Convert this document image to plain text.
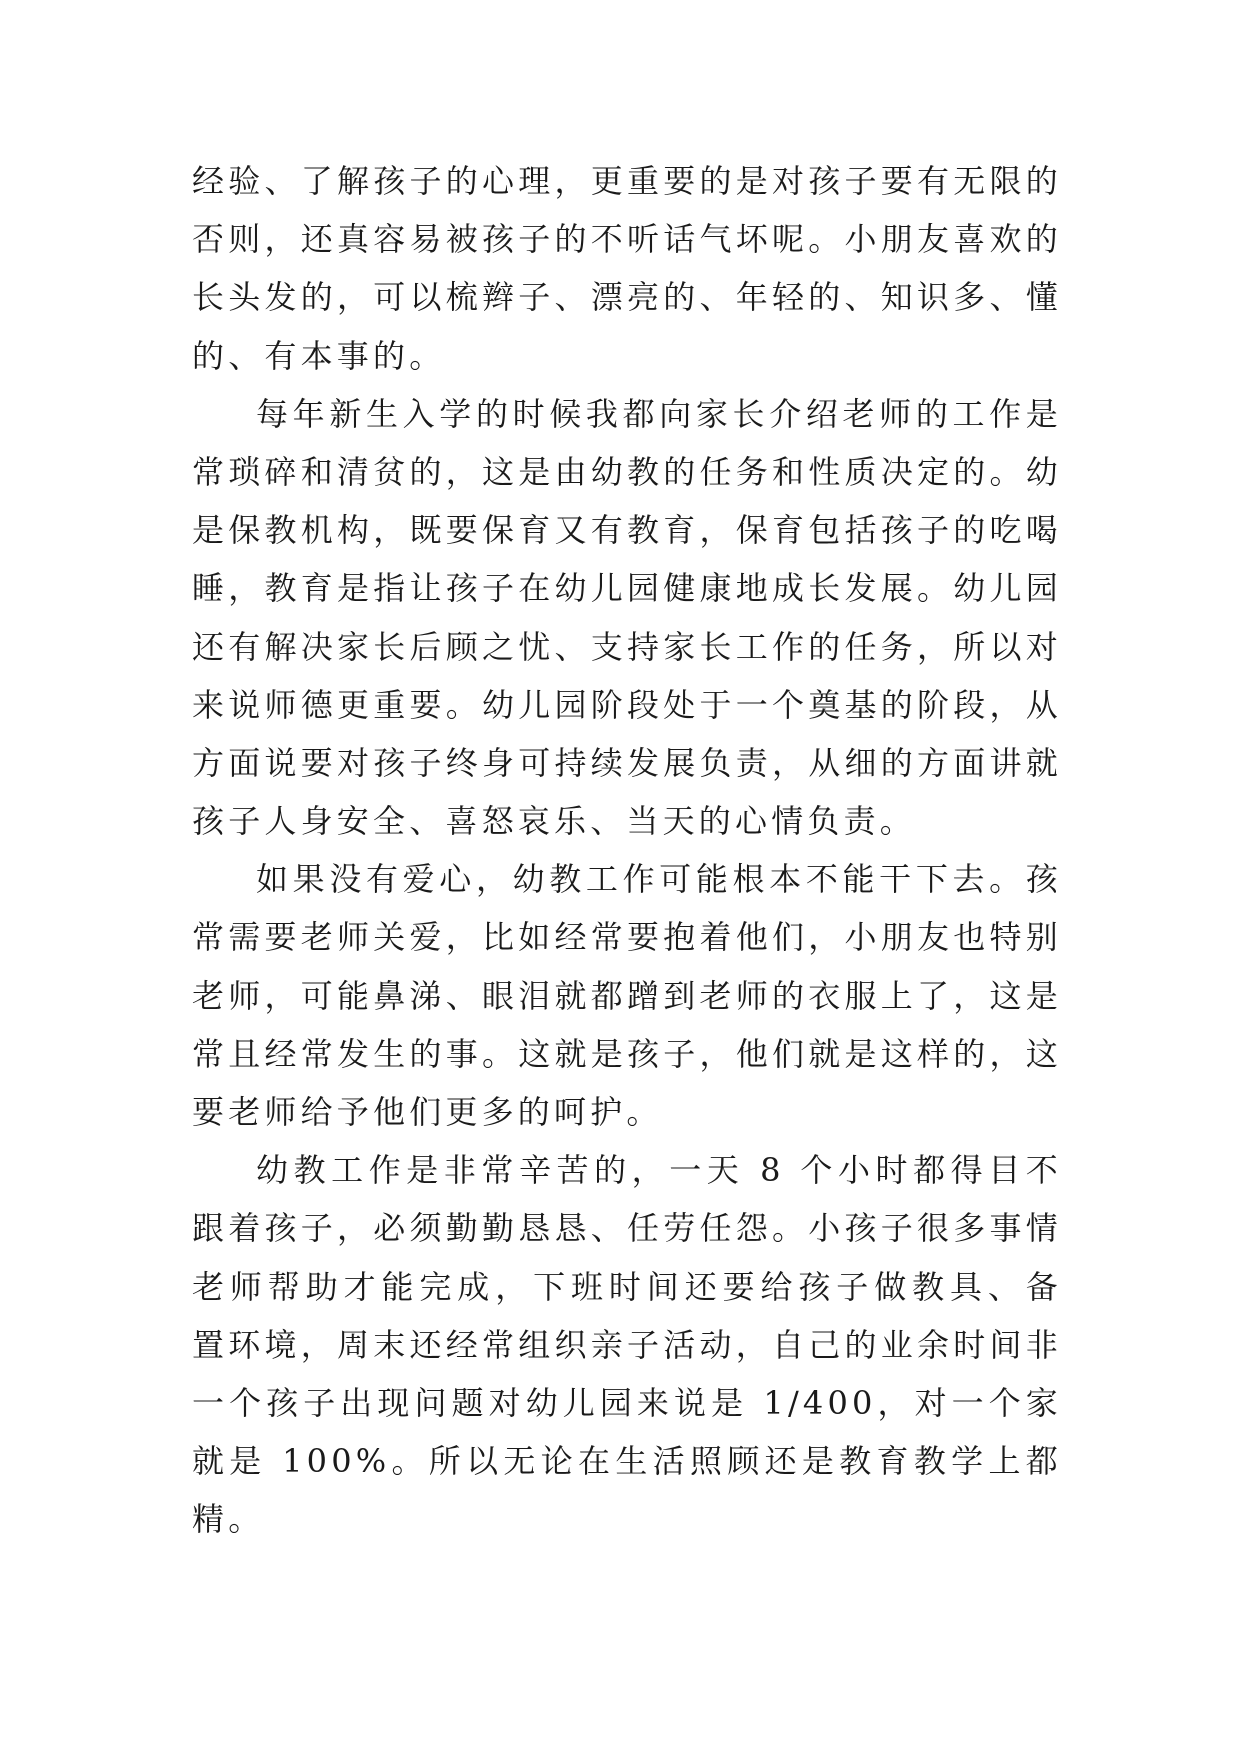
经验、了解孩子的心理，更重要的是对孩子要有无限的
否则，还真容易被孩子的不听话气坏呢。小朋友喜欢的
长头发的，可以梳辫子、漂亮的、年轻的、知识多、懂
的、有本事的。
每年新生入学的时候我都向家长介绍老师的工作是
常琐碎和清贫的，这是由幼教的任务和性质决定的。幼
是保教机构，既要保育又有教育，保育包括孩子的吃喝
睡，教育是指让孩子在幼儿园健康地成长发展。幼儿园
还有解决家长后顾之忧、支持家长工作的任务，所以对
来说师德更重要。幼儿园阶段处于一个奠基的阶段，从
方面说要对孩子终身可持续发展负责，从细的方面讲就
孩子人身安全、喜怒哀乐、当天的心情负责。
如果没有爱心，幼教工作可能根本不能干下去。孩
常需要老师关爱，比如经常要抱着他们，小朋友也特别
老师，可能鼻涕、眼泪就都蹭到老师的衣服上了，这是
常且经常发生的事。这就是孩子，他们就是这样的，这
要老师给予他们更多的呵护。
幼教工作是非常辛苦的，一天 8 个小时都得目不
跟着孩子，必须勤勤恳恳、任劳任怨。小孩子很多事情
老师帮助才能完成，下班时间还要给孩子做教具、备
置环境，周末还经常组织亲子活动，自己的业余时间非
一个孩子出现问题对幼儿园来说是 1/400，对一个家
就是 100%。所以无论在生活照顾还是教育教学上都
精。
